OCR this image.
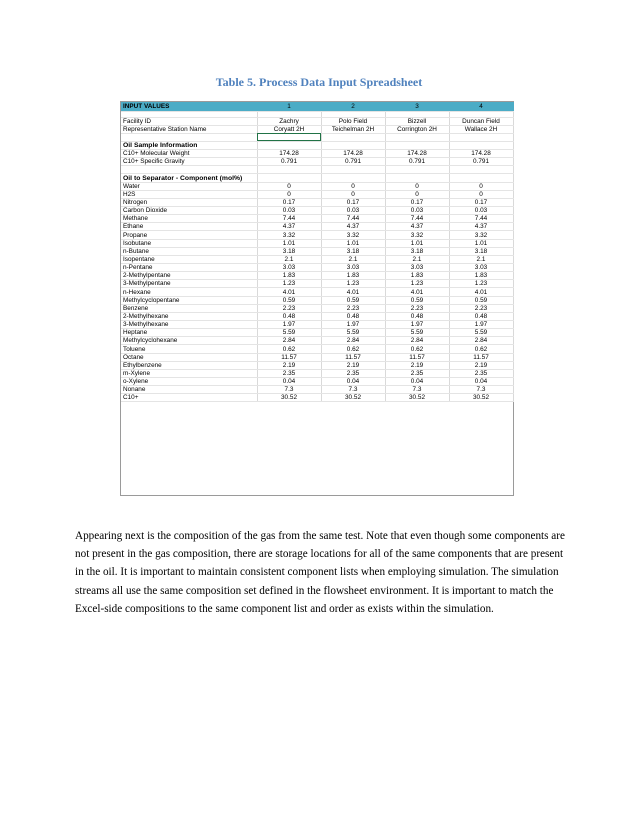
Table 5. Process Data Input Spreadsheet
INPUT VALUES	1	2	3	4

Facility ID	Zachry	Polo Field	Bizzell	Duncan Field
Representative Station Name	Coryatt 2H	Teichelman 2H	Corrington 2H	Wallace 2H

Oil Sample Information				
C10+ Molecular Weight	174.28	174.28	174.28	174.28
C10+ Specific Gravity	0.791	0.791	0.791	0.791

Oil to Separator - Component (mol%)				
Water	0	0	0	0
H2S	0	0	0	0
Nitrogen	0.17	0.17	0.17	0.17
Carbon Dioxide	0.03	0.03	0.03	0.03
Methane	7.44	7.44	7.44	7.44
Ethane	4.37	4.37	4.37	4.37
Propane	3.32	3.32	3.32	3.32
Isobutane	1.01	1.01	1.01	1.01
n-Butane	3.18	3.18	3.18	3.18
Isopentane	2.1	2.1	2.1	2.1
n-Pentane	3.03	3.03	3.03	3.03
2-Methylpentane	1.83	1.83	1.83	1.83
3-Methylpentane	1.23	1.23	1.23	1.23
n-Hexane	4.01	4.01	4.01	4.01
Methylcyclopentane	0.59	0.59	0.59	0.59
Benzene	2.23	2.23	2.23	2.23
2-Methylhexane	0.48	0.48	0.48	0.48
3-Methylhexane	1.97	1.97	1.97	1.97
Heptane	5.59	5.59	5.59	5.59
Methylcyclohexane	2.84	2.84	2.84	2.84
Toluene	0.62	0.62	0.62	0.62
Octane	11.57	11.57	11.57	11.57
Ethylbenzene	2.19	2.19	2.19	2.19
m-Xylene	2.35	2.35	2.35	2.35
o-Xylene	0.04	0.04	0.04	0.04
Nonane	7.3	7.3	7.3	7.3
C10+	30.52	30.52	30.52	30.52
Appearing next is the composition of the gas from the same test. Note that even though some components are not present in the gas composition, there are storage locations for all of the same components that are present in the oil. It is important to maintain consistent component lists when employing simulation. The simulation streams all use the same composition set defined in the flowsheet environment. It is important to match the Excel-side compositions to the same component list and order as exists within the simulation.
